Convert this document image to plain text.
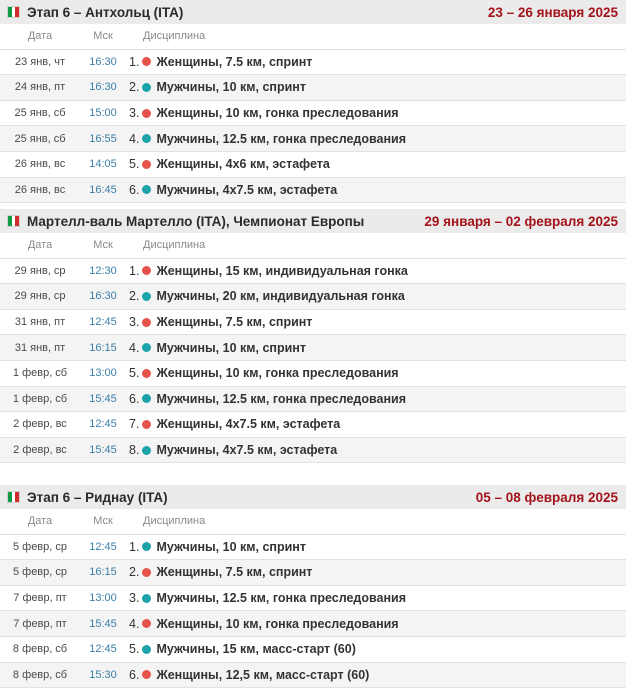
Этап 6 – Антхольц (ITA)	23 – 26 января 2025
Дата	Мск	Дисциплина
23 янв, чт	16:30 1. Женщины, 7.5 км, спринт
24 янв, пт	16:30 2. Мужчины, 10 км, спринт
25 янв, сб	15:00 3. Женщины, 10 км, гонка преследования
25 янв, сб	16:55 4. Мужчины, 12.5 км, гонка преследования
26 янв, вс	14:05 5. Женщины, 4х6 км, эстафета
26 янв, вс	16:45 6. Мужчины, 4х7.5 км, эстафета
Мартелл-валь Мартелло (ITA), Чемпионат Европы	29 января – 02 февраля 2025
Дата	Мск	Дисциплина
29 янв, ср	12:30 1. Женщины, 15 км, индивидуальная гонка
29 янв, ср	16:30 2. Мужчины, 20 км, индивидуальная гонка
31 янв, пт	12:45 3. Женщины, 7.5 км, спринт
31 янв, пт	16:15 4. Мужчины, 10 км, спринт
1 февр, сб	13:00 5. Женщины, 10 км, гонка преследования
1 февр, сб	15:45 6. Мужчины, 12.5 км, гонка преследования
2 февр, вс	12:45 7. Женщины, 4х7.5 км, эстафета
2 февр, вс	15:45 8. Мужчины, 4х7.5 км, эстафета
Этап 6 – Риднау (ITA)	05 – 08 февраля 2025
Дата	Мск	Дисциплина
5 февр, ср	12:45 1. Мужчины, 10 км, спринт
5 февр, ср	16:15 2. Женщины, 7.5 км, спринт
7 февр, пт	13:00 3. Мужчины, 12.5 км, гонка преследования
7 февр, пт	15:45 4. Женщины, 10 км, гонка преследования
8 февр, сб	12:45 5. Мужчины, 15 км, масс-старт (60)
8 февр, сб	15:30 6. Женщины, 12,5 км, масс-старт (60)
